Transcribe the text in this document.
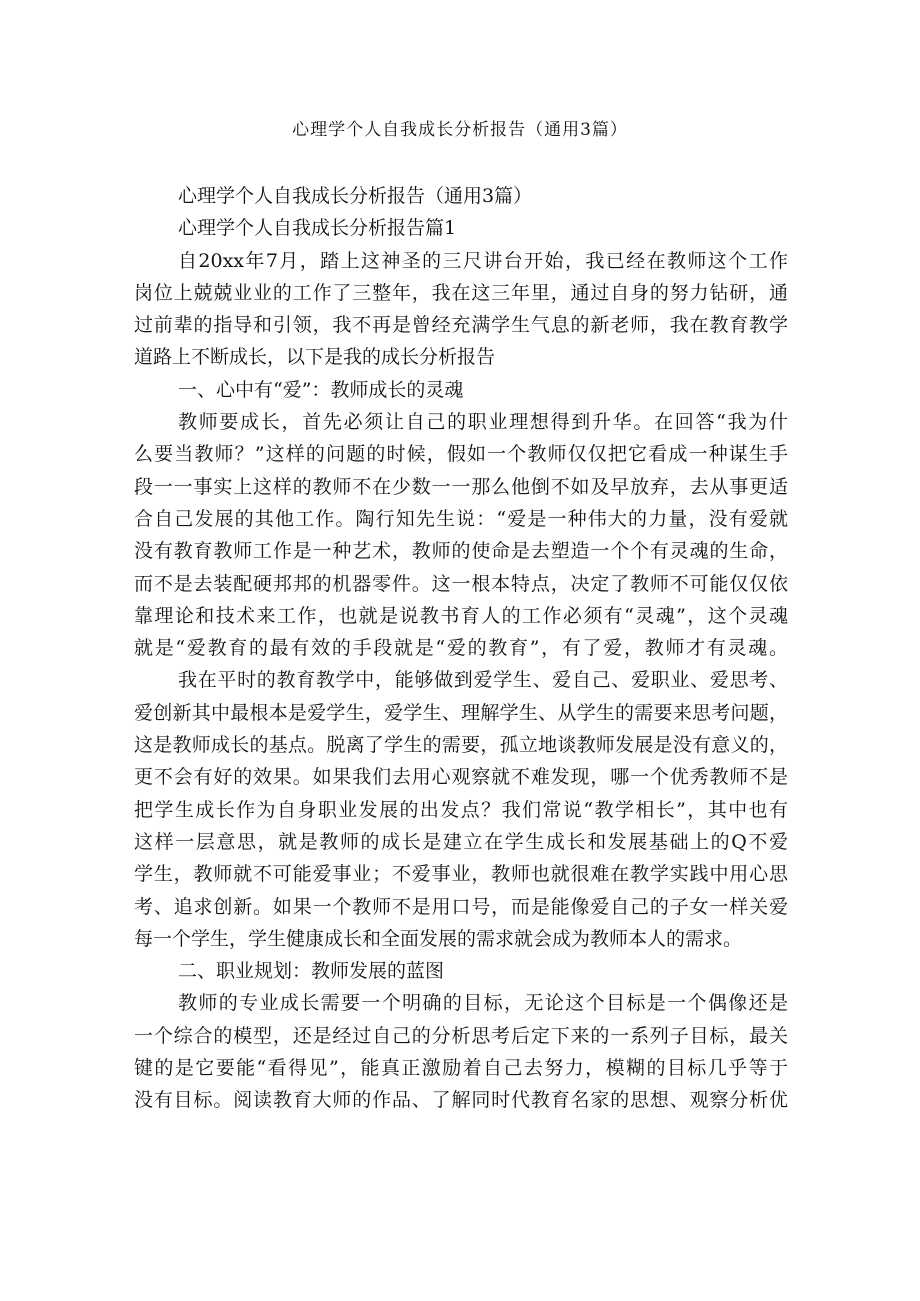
心理学个人自我成长分析报告（通用3篇）
心理学个人自我成长分析报告（通用3篇）
心理学个人自我成长分析报告篇1
自20xx年7月，踏上这神圣的三尺讲台开始，我已经在教师这个工作
岗位上兢兢业业的工作了三整年，我在这三年里，通过自身的努力钻研，通
过前辈的指导和引领，我不再是曾经充满学生气息的新老师，我在教育教学
道路上不断成长，以下是我的成长分析报告
一、心中有“爱”：教师成长的灵魂
教师要成长，首先必须让自己的职业理想得到升华。在回答“我为什
么要当教师？”这样的问题的时候，假如一个教师仅仅把它看成一种谋生手
段一一事实上这样的教师不在少数一一那么他倒不如及早放弃，去从事更适
合自己发展的其他工作。陶行知先生说：“爱是一种伟大的力量，没有爱就
没有教育教师工作是一种艺术，教师的使命是去塑造一个个有灵魂的生命，
而不是去装配硬邦邦的机器零件。这一根本特点，决定了教师不可能仅仅依
靠理论和技术来工作，也就是说教书育人的工作必须有“灵魂”，这个灵魂
就是“爱教育的最有效的手段就是“爱的教育”，有了爱，教师才有灵魂。
我在平时的教育教学中，能够做到爱学生、爱自己、爱职业、爱思考、
爱创新其中最根本是爱学生，爱学生、理解学生、从学生的需要来思考问题，
这是教师成长的基点。脱离了学生的需要，孤立地谈教师发展是没有意义的，
更不会有好的效果。如果我们去用心观察就不难发现，哪一个优秀教师不是
把学生成长作为自身职业发展的出发点？我们常说“教学相长”，其中也有
这样一层意思，就是教师的成长是建立在学生成长和发展基础上的Q不爱
学生，教师就不可能爱事业；不爱事业，教师也就很难在教学实践中用心思
考、追求创新。如果一个教师不是用口号，而是能像爱自己的子女一样关爱
每一个学生，学生健康成长和全面发展的需求就会成为教师本人的需求。
二、职业规划：教师发展的蓝图
教师的专业成长需要一个明确的目标，无论这个目标是一个偶像还是
一个综合的模型，还是经过自己的分析思考后定下来的一系列子目标，最关
键的是它要能“看得见”，能真正激励着自己去努力，模糊的目标几乎等于
没有目标。阅读教育大师的作品、了解同时代教育名家的思想、观察分析优
